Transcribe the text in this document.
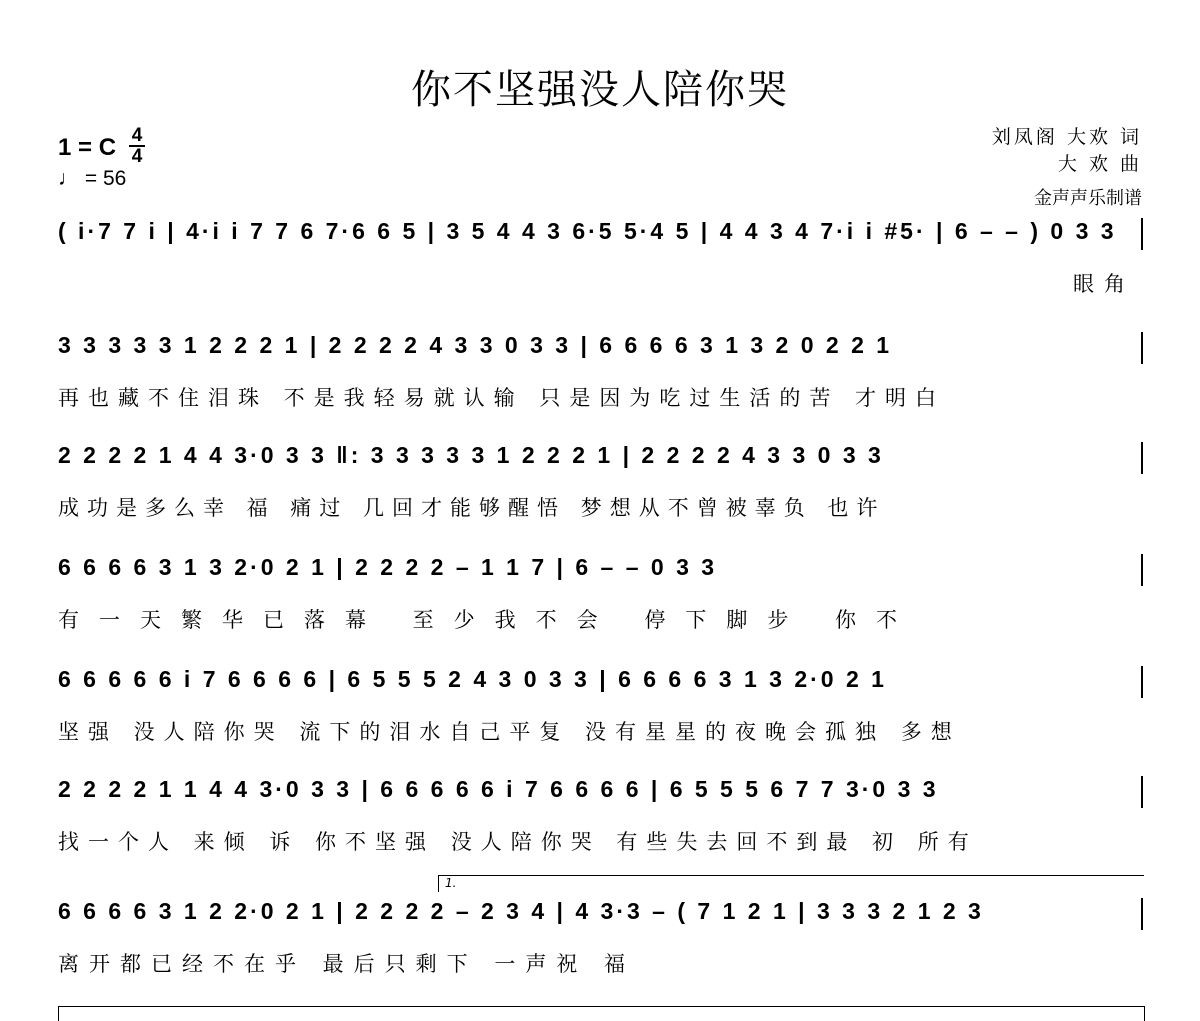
你不坚强没人陪你哭
1 = C 4
4
♩ = 56
刘凤阁 大欢 词
大 欢 曲
金声声乐制谱
( i·7 7 i | 4·i i 7 7 6 7·6 6 5 | 3 5 4 4 3 6·5 5·4 5 | 4 4 3 4 7·i i #5· | 6 – – ) 0 3 3
眼角
3 3 3 3 3 1 2 2 2 1 | 2 2 2 2 4 3 3 0 3 3 | 6 6 6 6 3 1 3 2 0 2 2 1
再也藏不住泪珠 不是我轻易就认输 只是因为吃过生活的苦 才明白
2 2 2 2 1 4 4 3·0 3 3 ‖: 3 3 3 3 3 1 2 2 2 1 | 2 2 2 2 4 3 3 0 3 3
成功是多么幸 福 痛过 几回才能够醒悟 梦想从不曾被辜负 也许
6 6 6 6 3 1 3 2·0 2 1 | 2 2 2 2 – 1 1 7 | 6 – – 0 3 3
有一天繁华已落幕 至少我不会 停下脚步 你不
6 6 6 6 6 i 7 6 6 6 6 | 6 5 5 5 2 4 3 0 3 3 | 6 6 6 6 3 1 3 2·0 2 1
坚强 没人陪你哭 流下的泪水自己平复 没有星星的夜晚会孤独 多想
2 2 2 2 1 1 4 4 3·0 3 3 | 6 6 6 6 6 i 7 6 6 6 6 | 6 5 5 5 6 7 7 3·0 3 3
找一个人 来倾 诉 你不坚强 没人陪你哭 有些失去回不到最 初 所有
1.
6 6 6 6 3 1 2 2·0 2 1 | 2 2 2 2 – 2 3 4 | 4 3·3 – ( 7 1 2 1 | 3 3 3 2 1 2 3
离开都已经不在乎 最后只剩下 一声祝 福
